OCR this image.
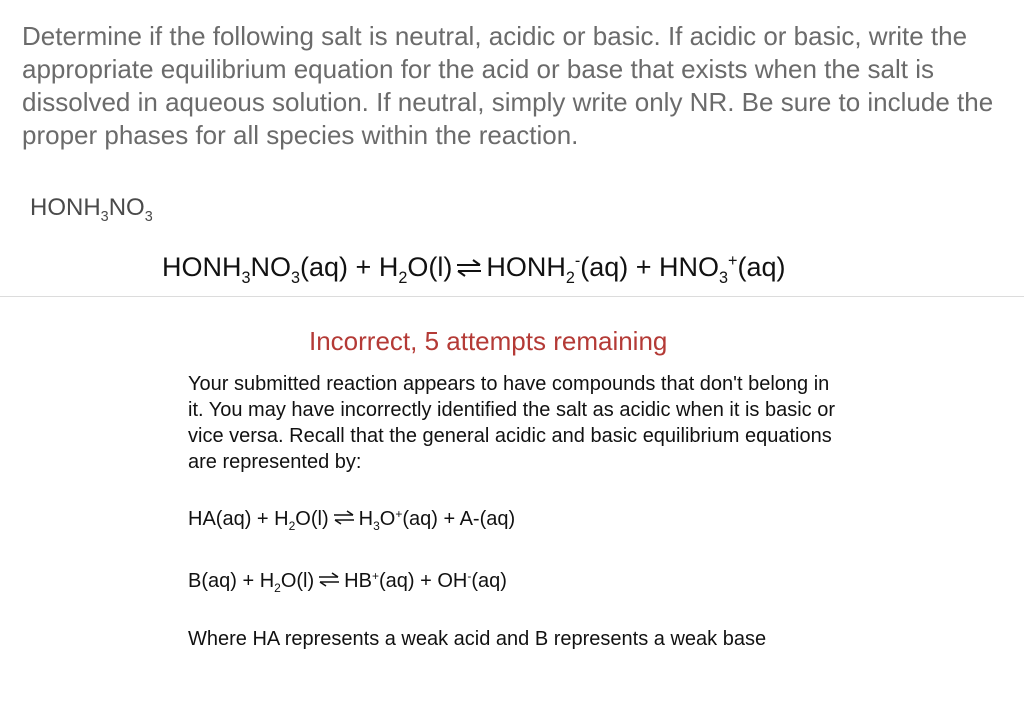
Determine if the following salt is neutral, acidic or basic. If acidic or basic, write the appropriate equilibrium equation for the acid or base that exists when the salt is dissolved in aqueous solution. If neutral, simply write only NR. Be sure to include the proper phases for all species within the reaction.
$HONH_3NO_3$
$HONH_3NO_3(aq) + H_2O(l)$ ⇌ $HONH_2^-(aq) + HNO_3^+(aq)$
Incorrect, 5 attempts remaining
Your submitted reaction appears to have compounds that don't belong in it. You may have incorrectly identified the salt as acidic when it is basic or vice versa. Recall that the general acidic and basic equilibrium equations are represented by:
$HA(aq) + H_2O(l)$ ⇌ $H_3O^+(aq) + A-(aq)$
$B(aq) + H_2O(l)$ ⇌ HB+(aq) + OH-(aq)
Where HA represents a weak acid and B represents a weak base
